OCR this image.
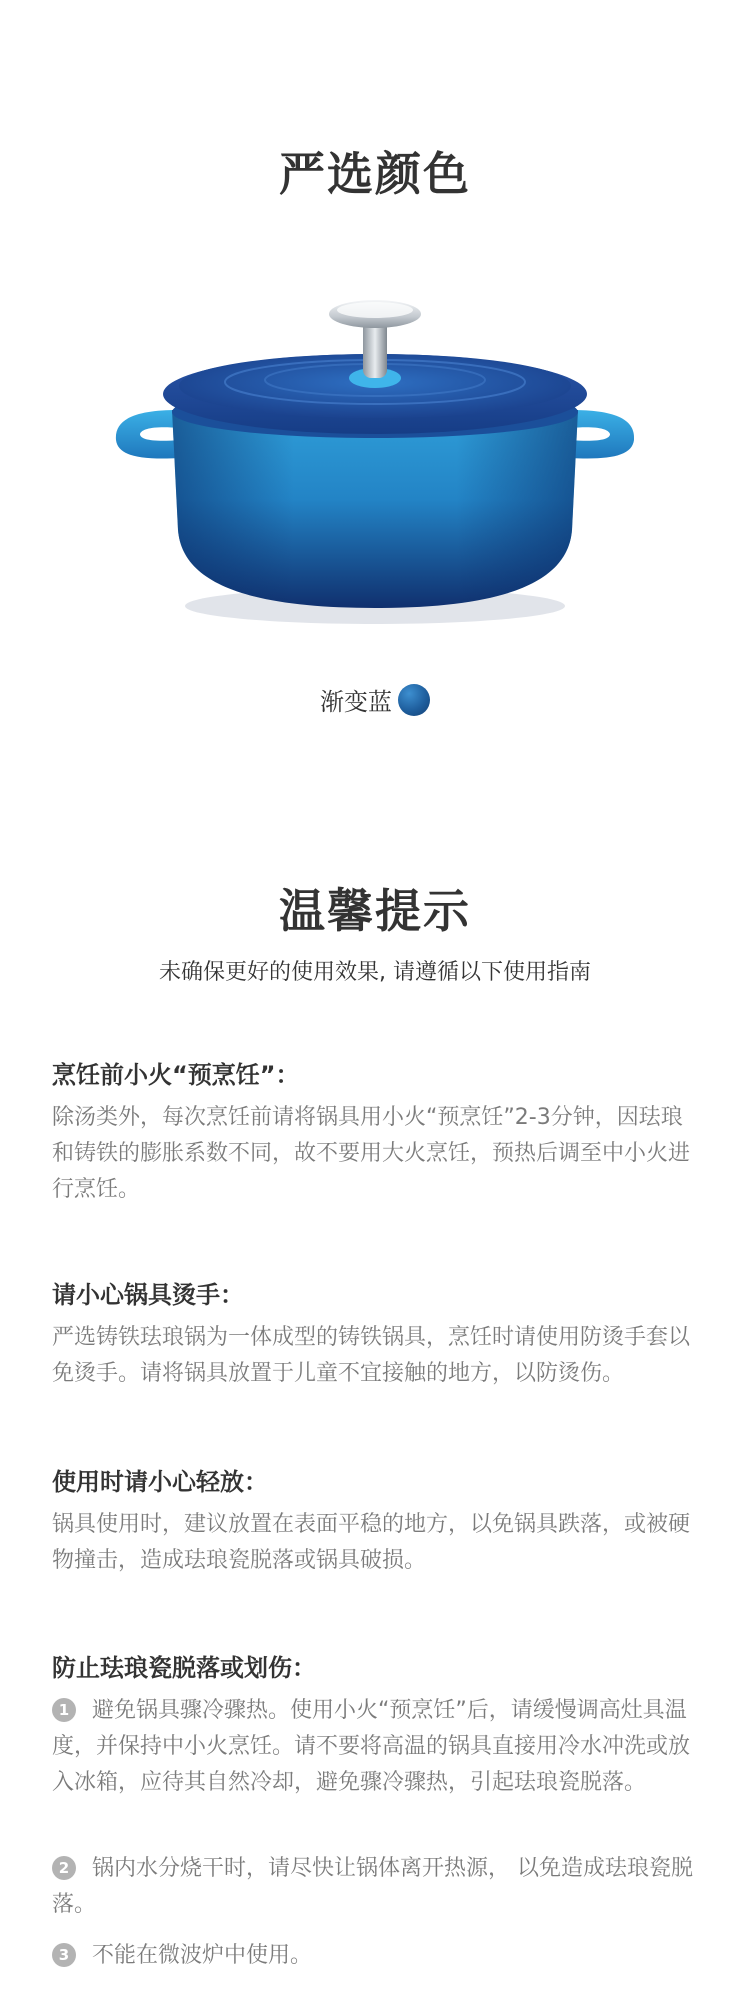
严选颜色
渐变蓝
温馨提示
未确保更好的使用效果, 请遵循以下使用指南
烹饪前小火“预烹饪”：
除汤类外，每次烹饪前请将锅具用小火“预烹饪”2-3分钟，因珐琅和铸铁的膨胀系数不同，故不要用大火烹饪，预热后调至中小火进行烹饪。
请小心锅具烫手：
严选铸铁珐琅锅为一体成型的铸铁锅具，烹饪时请使用防烫手套以免烫手。请将锅具放置于儿童不宜接触的地方，以防烫伤。
使用时请小心轻放：
锅具使用时，建议放置在表面平稳的地方，以免锅具跌落，或被硬物撞击，造成珐琅瓷脱落或锅具破损。
防止珐琅瓷脱落或划伤：
1 避免锅具骤冷骤热。使用小火“预烹饪”后，请缓慢调高灶具温度，并保持中小火烹饪。请不要将高温的锅具直接用冷水冲洗或放入冰箱，应待其自然冷却，避免骤冷骤热，引起珐琅瓷脱落。
2 锅内水分烧干时，请尽快让锅体离开热源， 以免造成珐琅瓷脱落。
3 不能在微波炉中使用。
